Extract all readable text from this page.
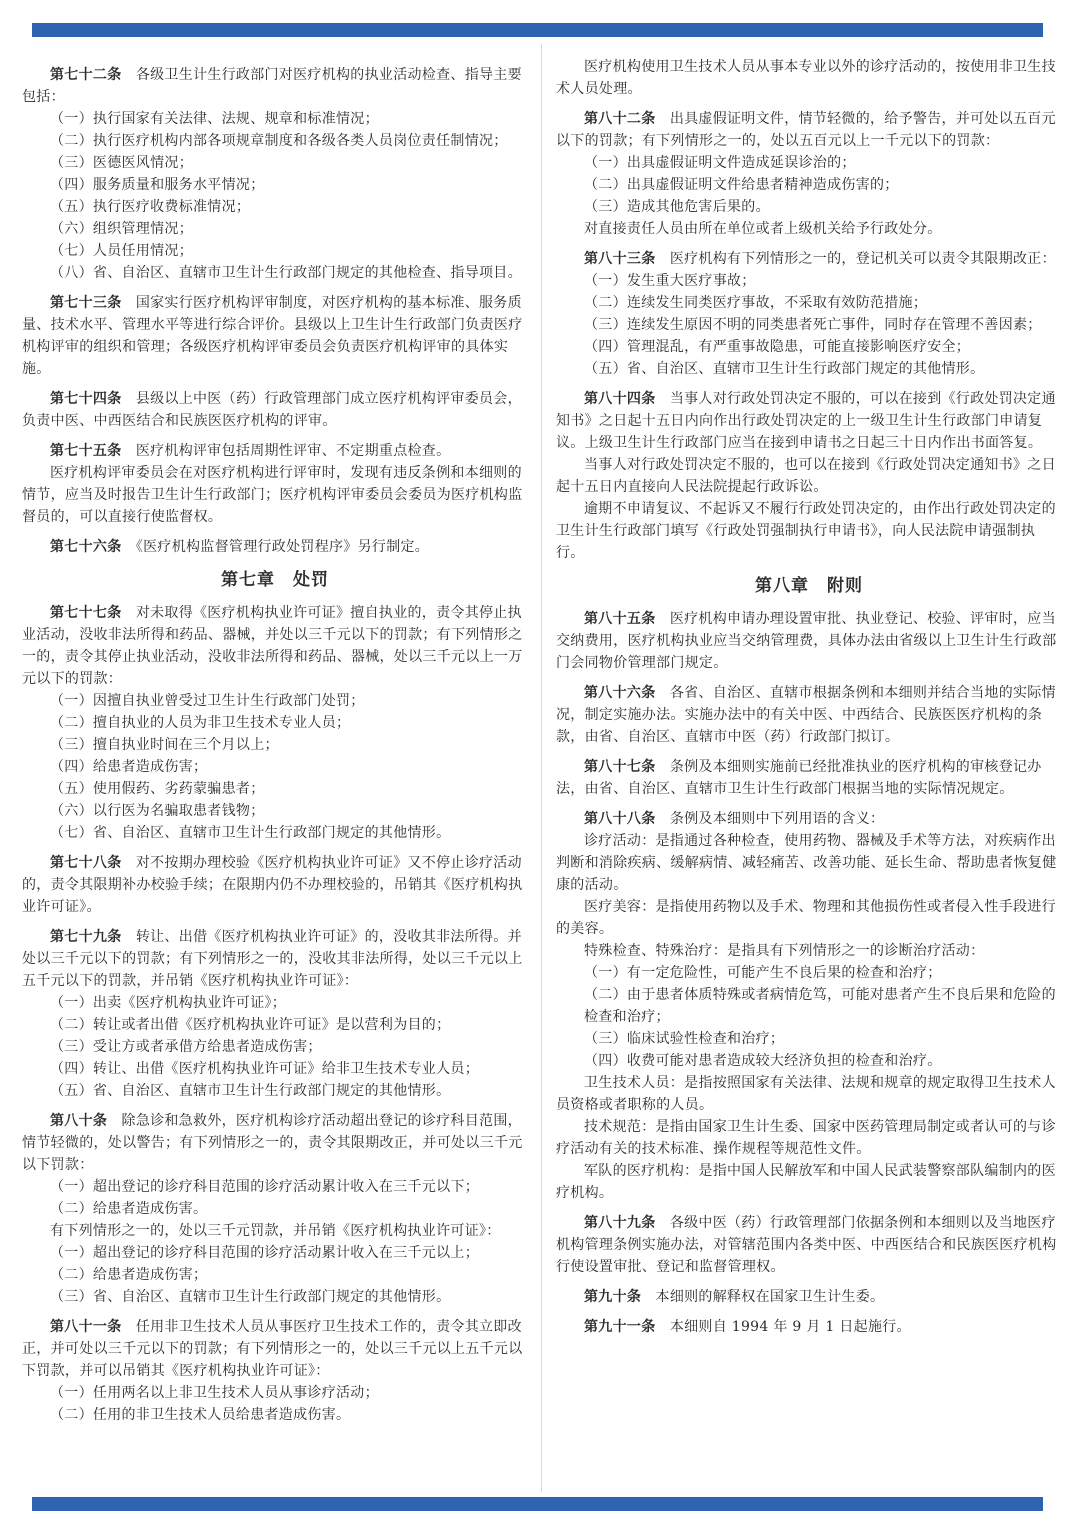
第七十二条　 各级卫生计生行政部门对医疗机构的执业活动检查、指导主要包括：

（一）执行国家有关法律、法规、规章和标准情况；

（二）执行医疗机构内部各项规章制度和各级各类人员岗位责任制情况；

（三）医德医风情况；

（四）服务质量和服务水平情况；

（五）执行医疗收费标准情况；

（六）组织管理情况；

（七）人员任用情况；

（八）省、自治区、直辖市卫生计生行政部门规定的其他检查、指导项目。

第七十三条　 国家实行医疗机构评审制度，对医疗机构的基本标准、服务质量、技术水平、管理水平等进行综合评价。县级以上卫生计生行政部门负责医疗机构评审的组织和管理；各级医疗机构评审委员会负责医疗机构评审的具体实施。

第七十四条　 县级以上中医（药）行政管理部门成立医疗机构评审委员会，负责中医、中西医结合和民族医医疗机构的评审。

第七十五条　 医疗机构评审包括周期性评审、不定期重点检查。

医疗机构评审委员会在对医疗机构进行评审时，发现有违反条例和本细则的情节，应当及时报告卫生计生行政部门；医疗机构评审委员会委员为医疗机构监督员的，可以直接行使监督权。

第七十六条　 《医疗机构监督管理行政处罚程序》另行制定。

第七章　处罚

第七十七条　 对未取得《医疗机构执业许可证》擅自执业的，责令其停止执业活动，没收非法所得和药品、器械，并处以三千元以下的罚款；有下列情形之一的，责令其停止执业活动，没收非法所得和药品、器械，处以三千元以上一万元以下的罚款：

（一）因擅自执业曾受过卫生计生行政部门处罚；

（二）擅自执业的人员为非卫生技术专业人员；

（三）擅自执业时间在三个月以上；

（四）给患者造成伤害；

（五）使用假药、劣药蒙骗患者；

（六）以行医为名骗取患者钱物；

（七）省、自治区、直辖市卫生计生行政部门规定的其他情形。

第七十八条　 对不按期办理校验《医疗机构执业许可证》又不停止诊疗活动的，责令其限期补办校验手续；在限期内仍不办理校验的，吊销其《医疗机构执业许可证》。

第七十九条　 转让、出借《医疗机构执业许可证》的，没收其非法所得。并处以三千元以下的罚款；有下列情形之一的，没收其非法所得，处以三千元以上五千元以下的罚款，并吊销《医疗机构执业许可证》：

（一）出卖《医疗机构执业许可证》；

（二）转让或者出借《医疗机构执业许可证》是以营利为目的；

（三）受让方或者承借方给患者造成伤害；

（四）转让、出借《医疗机构执业许可证》给非卫生技术专业人员；

（五）省、自治区、直辖市卫生计生行政部门规定的其他情形。

第八十条　 除急诊和急救外，医疗机构诊疗活动超出登记的诊疗科目范围，情节轻微的，处以警告；有下列情形之一的，责令其限期改正，并可处以三千元以下罚款：

（一）超出登记的诊疗科目范围的诊疗活动累计收入在三千元以下；

（二）给患者造成伤害。

有下列情形之一的，处以三千元罚款，并吊销《医疗机构执业许可证》：

（一）超出登记的诊疗科目范围的诊疗活动累计收入在三千元以上；

（二）给患者造成伤害；

（三）省、自治区、直辖市卫生计生行政部门规定的其他情形。

第八十一条　 任用非卫生技术人员从事医疗卫生技术工作的，责令其立即改正，并可处以三千元以下的罚款；有下列情形之一的，处以三千元以上五千元以下罚款，并可以吊销其《医疗机构执业许可证》：

（一）任用两名以上非卫生技术人员从事诊疗活动；

（二）任用的非卫生技术人员给患者造成伤害。

医疗机构使用卫生技术人员从事本专业以外的诊疗活动的，按使用非卫生技术人员处理。

第八十二条　 出具虚假证明文件，情节轻微的，给予警告，并可处以五百元以下的罚款；有下列情形之一的，处以五百元以上一千元以下的罚款：

（一）出具虚假证明文件造成延误诊治的；

（二）出具虚假证明文件给患者精神造成伤害的；

（三）造成其他危害后果的。

对直接责任人员由所在单位或者上级机关给予行政处分。

第八十三条　 医疗机构有下列情形之一的，登记机关可以责令其限期改正：

（一）发生重大医疗事故；

（二）连续发生同类医疗事故，不采取有效防范措施；

（三）连续发生原因不明的同类患者死亡事件，同时存在管理不善因素；

（四）管理混乱，有严重事故隐患，可能直接影响医疗安全；

（五）省、自治区、直辖市卫生计生行政部门规定的其他情形。

第八十四条　 当事人对行政处罚决定不服的，可以在接到《行政处罚决定通知书》之日起十五日内向作出行政处罚决定的上一级卫生计生行政部门申请复议。上级卫生计生行政部门应当在接到申请书之日起三十日内作出书面答复。

当事人对行政处罚决定不服的，也可以在接到《行政处罚决定通知书》之日起十五日内直接向人民法院提起行政诉讼。

逾期不申请复议、不起诉又不履行行政处罚决定的，由作出行政处罚决定的卫生计生行政部门填写《行政处罚强制执行申请书》，向人民法院申请强制执行。

第八章　附则

第八十五条　 医疗机构申请办理设置审批、执业登记、校验、评审时，应当交纳费用，医疗机构执业应当交纳管理费，具体办法由省级以上卫生计生行政部门会同物价管理部门规定。

第八十六条　 各省、自治区、直辖市根据条例和本细则并结合当地的实际情况，制定实施办法。实施办法中的有关中医、中西结合、民族医医疗机构的条款，由省、自治区、直辖市中医（药）行政部门拟订。

第八十七条　 条例及本细则实施前已经批准执业的医疗机构的审核登记办法，由省、自治区、直辖市卫生计生行政部门根据当地的实际情况规定。

第八十八条　 条例及本细则中下列用语的含义：

诊疗活动：是指通过各种检查，使用药物、器械及手术等方法，对疾病作出判断和消除疾病、缓解病情、减轻痛苦、改善功能、延长生命、帮助患者恢复健康的活动。

医疗美容：是指使用药物以及手术、物理和其他损伤性或者侵入性手段进行的美容。

特殊检查、特殊治疗：是指具有下列情形之一的诊断治疗活动：

（一）有一定危险性，可能产生不良后果的检查和治疗；

（二）由于患者体质特殊或者病情危笃，可能对患者产生不良后果和危险的检查和治疗；

（三）临床试验性检查和治疗；

（四）收费可能对患者造成较大经济负担的检查和治疗。

卫生技术人员：是指按照国家有关法律、法规和规章的规定取得卫生技术人员资格或者职称的人员。

技术规范：是指由国家卫生计生委、国家中医药管理局制定或者认可的与诊疗活动有关的技术标准、操作规程等规范性文件。

军队的医疗机构：是指中国人民解放军和中国人民武装警察部队编制内的医疗机构。

第八十九条　 各级中医（药）行政管理部门依据条例和本细则以及当地医疗机构管理条例实施办法，对管辖范围内各类中医、中西医结合和民族医医疗机构行使设置审批、登记和监督管理权。

第九十条　 本细则的解释权在国家卫生计生委。

第九十一条　 本细则自 1994 年 9 月 1 日起施行。
